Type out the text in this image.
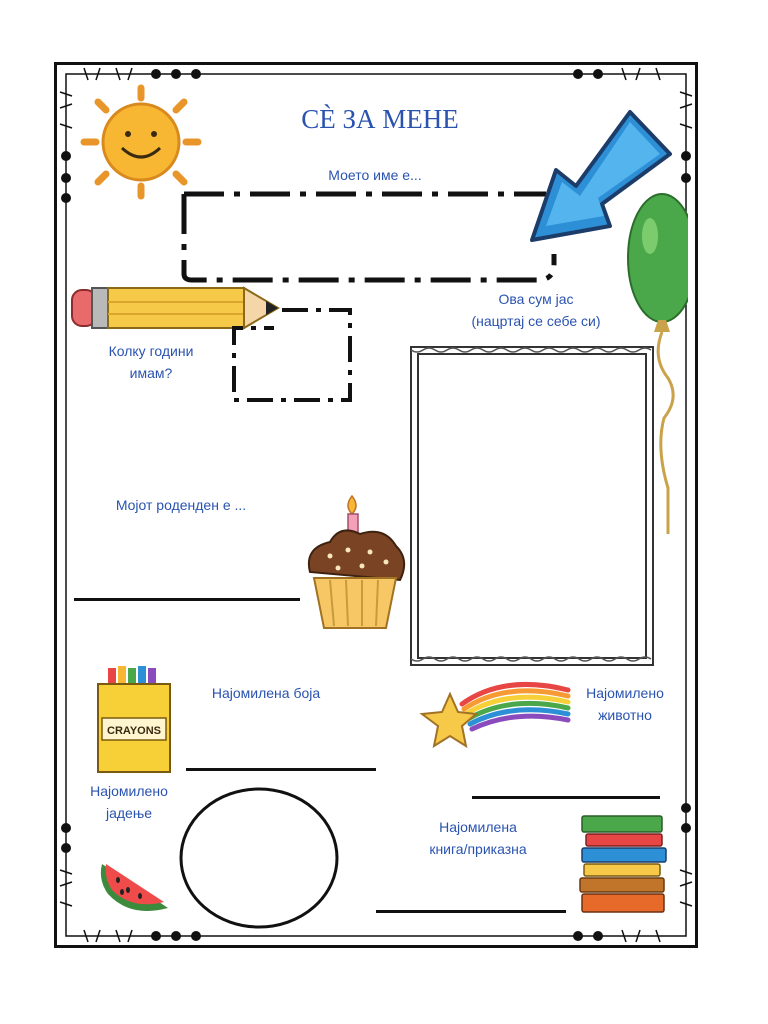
СЀ ЗА МЕНЕ
Моето име е...
Колку години
имам?
Ова сум јас
(нацртај се себе си)
Мојот роденден е ...
CRAYONS
Најомилена боја	Најомилено
животно
Најомилено
јадење
Најомилена
книга/приказна
